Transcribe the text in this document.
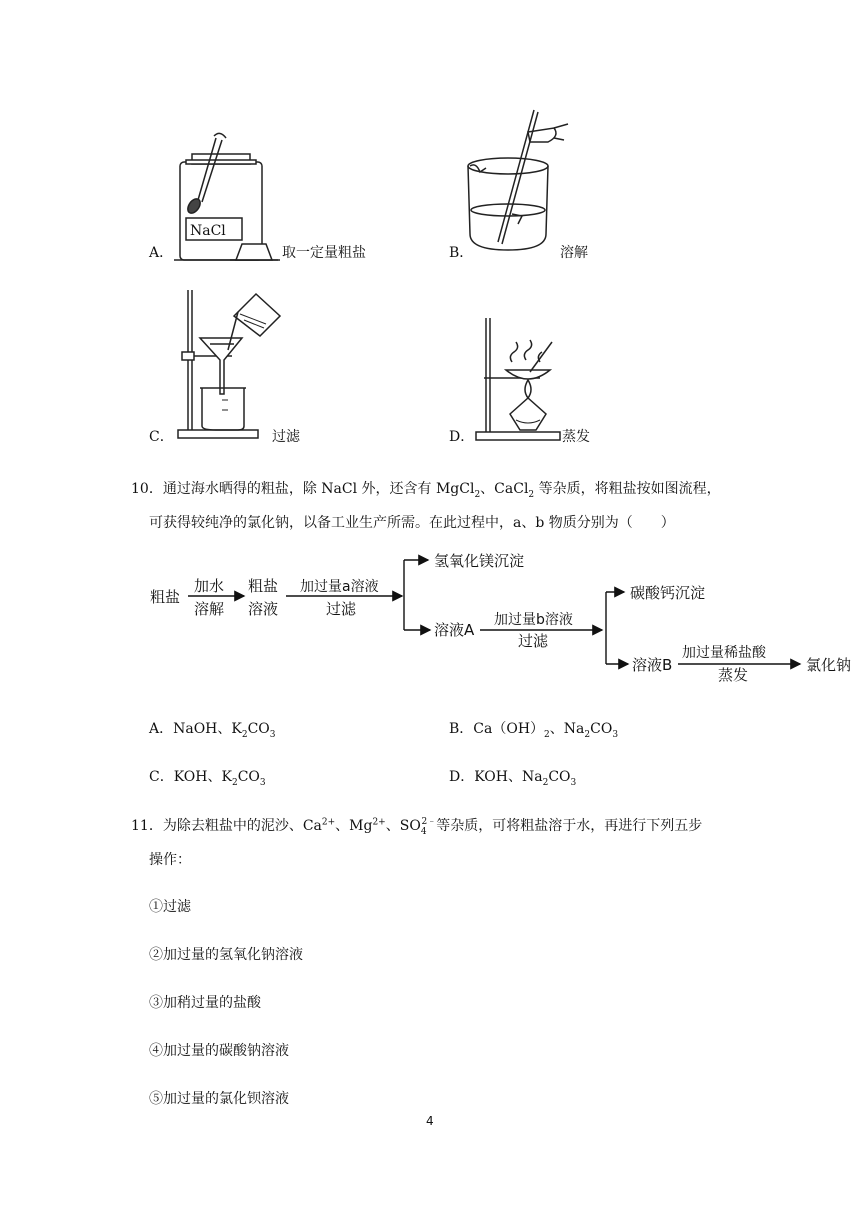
NaCl
A．	取一定量粗盐	B．	溶解
C．	过滤	D．	蒸发
10．通过海水晒得的粗盐，除 NaCl 外，还含有 MgCl$_2$、CaCl$_2$ 等杂质，将粗盐按如图流程，
可获得较纯净的氯化钠，以备工业生产所需。在此过程中，a、b 物质分别为（　　）
粗盐
加水
溶解
粗盐
溶液
加过量a溶液
过滤
氢氧化镁沉淀
溶液A
加过量b溶液
过滤
碳酸钙沉淀
溶液B
加过量稀盐酸
蒸发
氯化钠
A．NaOH、$K_2CO_3$	B．$Ca(OH)_2$、$Na_2CO_3$
C．KOH、$K_2CO_3$	D．KOH、$Na_2CO_3$
11．为除去粗盐中的泥沙、$Ca^{2+}$、$Mg^{2+}$、$SO_4^{2﹣}$等杂质，可将粗盐溶于水，再进行下列五步
操作：
①过滤
②加过量的氢氧化钠溶液
③加稍过量的盐酸
④加过量的碳酸钠溶液
⑤加过量的氯化钡溶液
4
